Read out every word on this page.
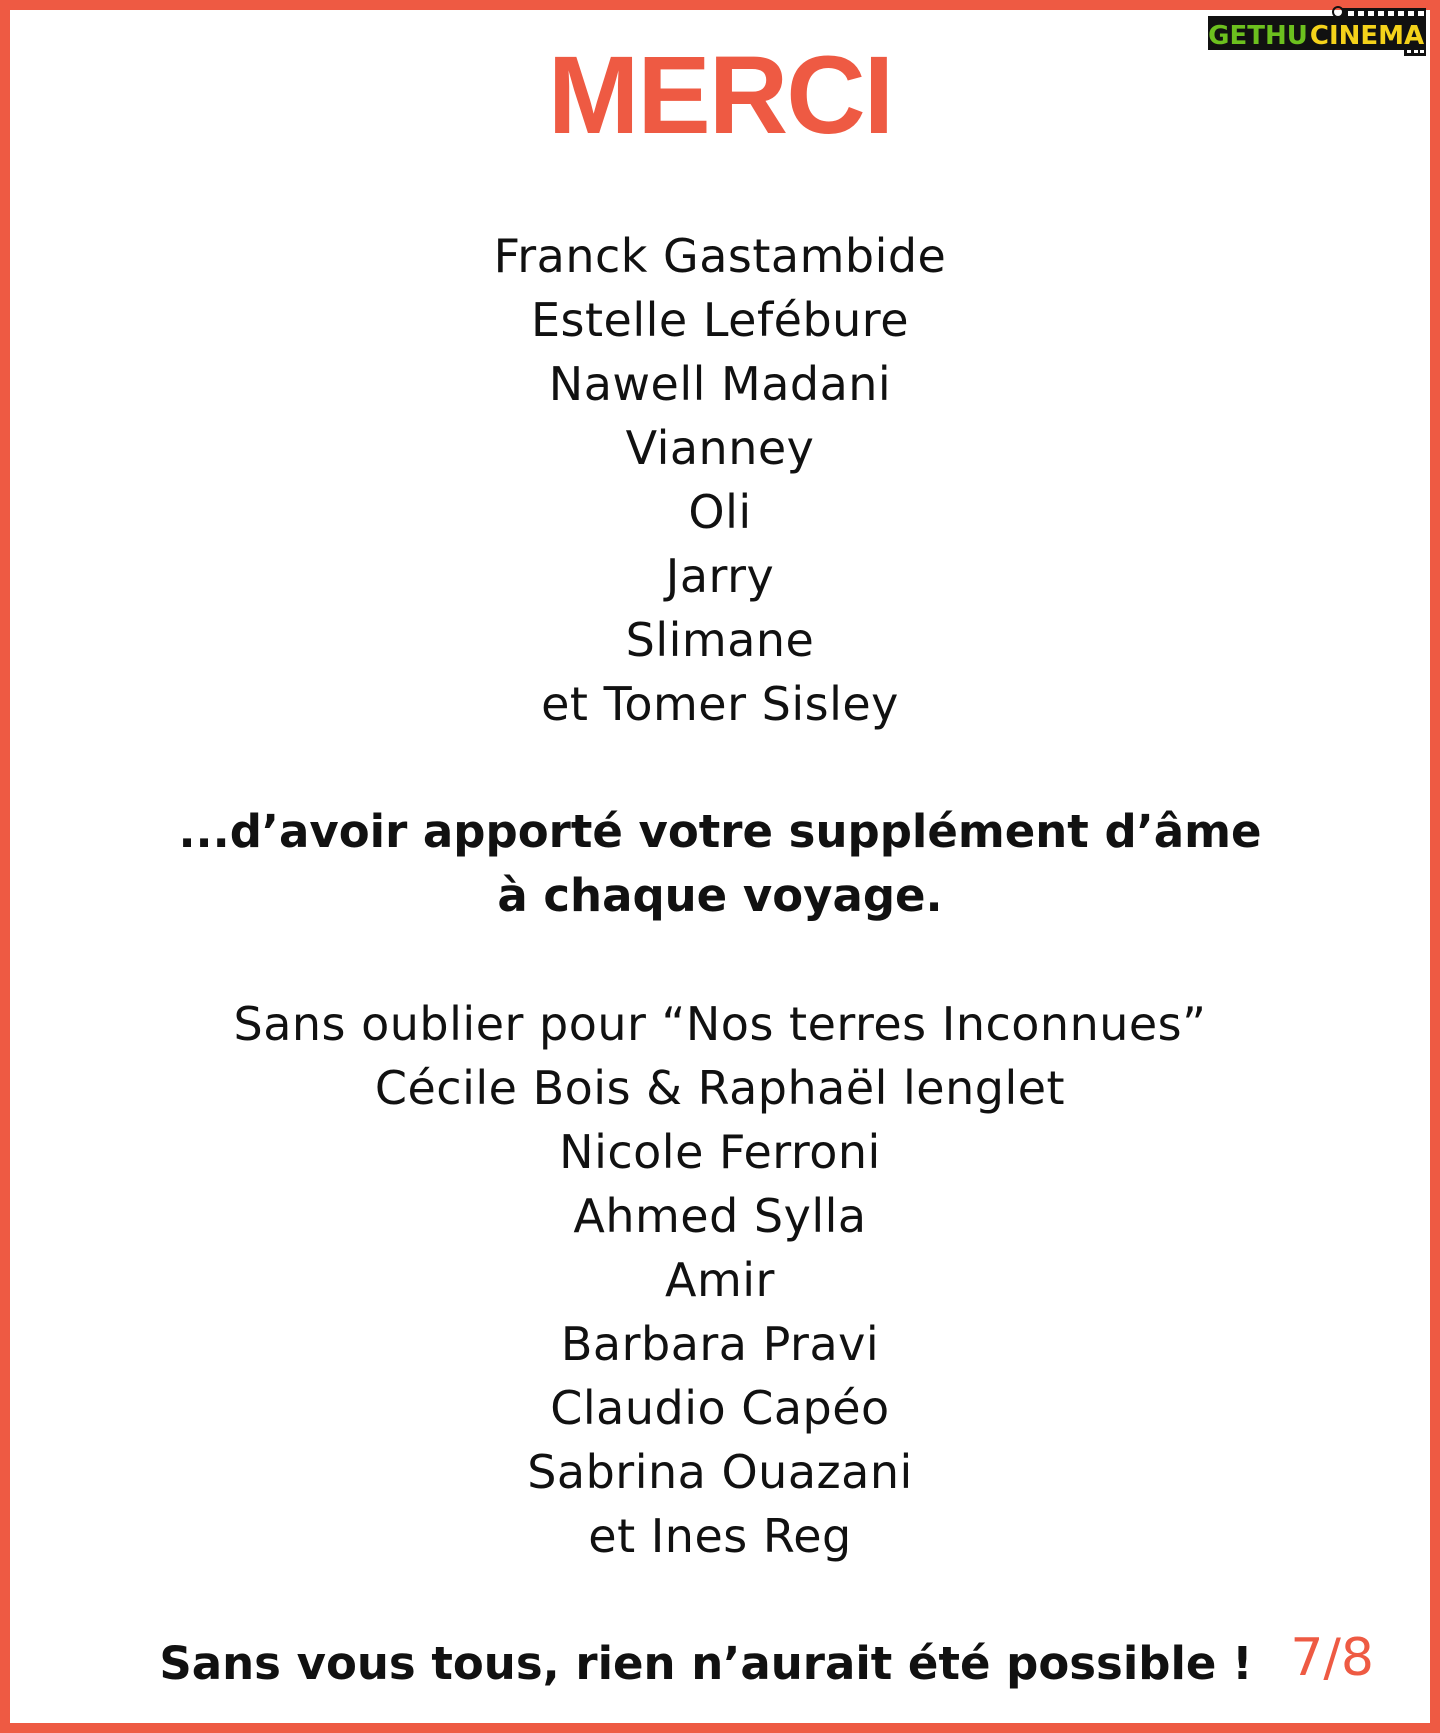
GETHU CINEMA
MERCI
Franck Gastambide
Estelle Lefébure
Nawell Madani
Vianney
Oli
Jarry
Slimane
et Tomer Sisley
...d’avoir apporté votre supplément d’âme
à chaque voyage.
Sans oublier pour “Nos terres Inconnues”
Cécile Bois & Raphaël lenglet
Nicole Ferroni
Ahmed Sylla
Amir
Barbara Pravi
Claudio Capéo
Sabrina Ouazani
et Ines Reg
Sans vous tous, rien n’aurait été possible ! 7/8
